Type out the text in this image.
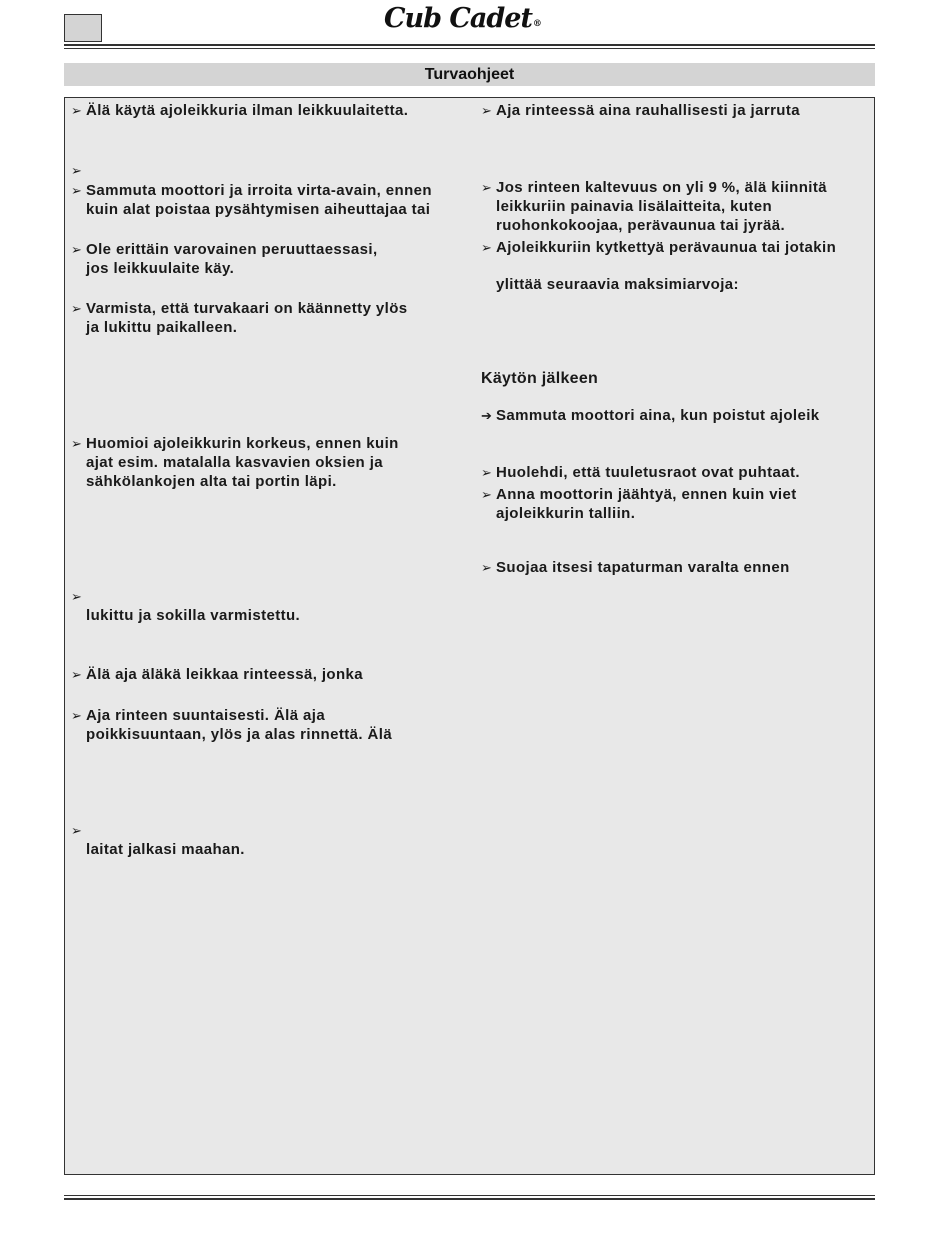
Cub Cadet®
Turvaohjeet
➢ Älä käytä ajoleikkuria ilman leikkuulaitetta.
➢

➢ Sammuta moottori ja irroita virta-avain, ennen
kuin alat poistaa pysähtymisen aiheuttajaa tai
➢ Ole erittäin varovainen peruuttaessasi,
jos leikkuulaite käy.
➢ Varmista, että turvakaari on käännetty ylös
ja lukittu paikalleen.
➢ Huomioi ajoleikkurin korkeus, ennen kuin
ajat esim. matalalla kasvavien oksien ja
sähkölankojen alta tai portin läpi.
➢

lukittu ja sokilla varmistettu.
➢ Älä aja äläkä leikkaa rinteessä, jonka
➢ Aja rinteen suuntaisesti. Älä aja
poikkisuuntaan, ylös ja alas rinnettä. Älä
➢

laitat jalkasi maahan.
➢ Aja rinteessä aina rauhallisesti ja jarruta
➢ Jos rinteen kaltevuus on yli 9 %, älä kiinnitä
leikkuriin painavia lisälaitteita, kuten
ruohonkokoojaa, perävaunua tai jyrää.
➢ Ajoleikkuriin kytkettyä perävaunua tai jotakin
ylittää seuraavia maksimiarvoja:
Käytön jälkeen
➔ Sammuta moottori aina, kun poistut ajoleik
➢ Huolehdi, että tuuletusraot ovat puhtaat.
➢ Anna moottorin jäähtyä, ennen kuin viet
ajoleikkurin talliin.
➢ Suojaa itsesi tapaturman varalta ennen
